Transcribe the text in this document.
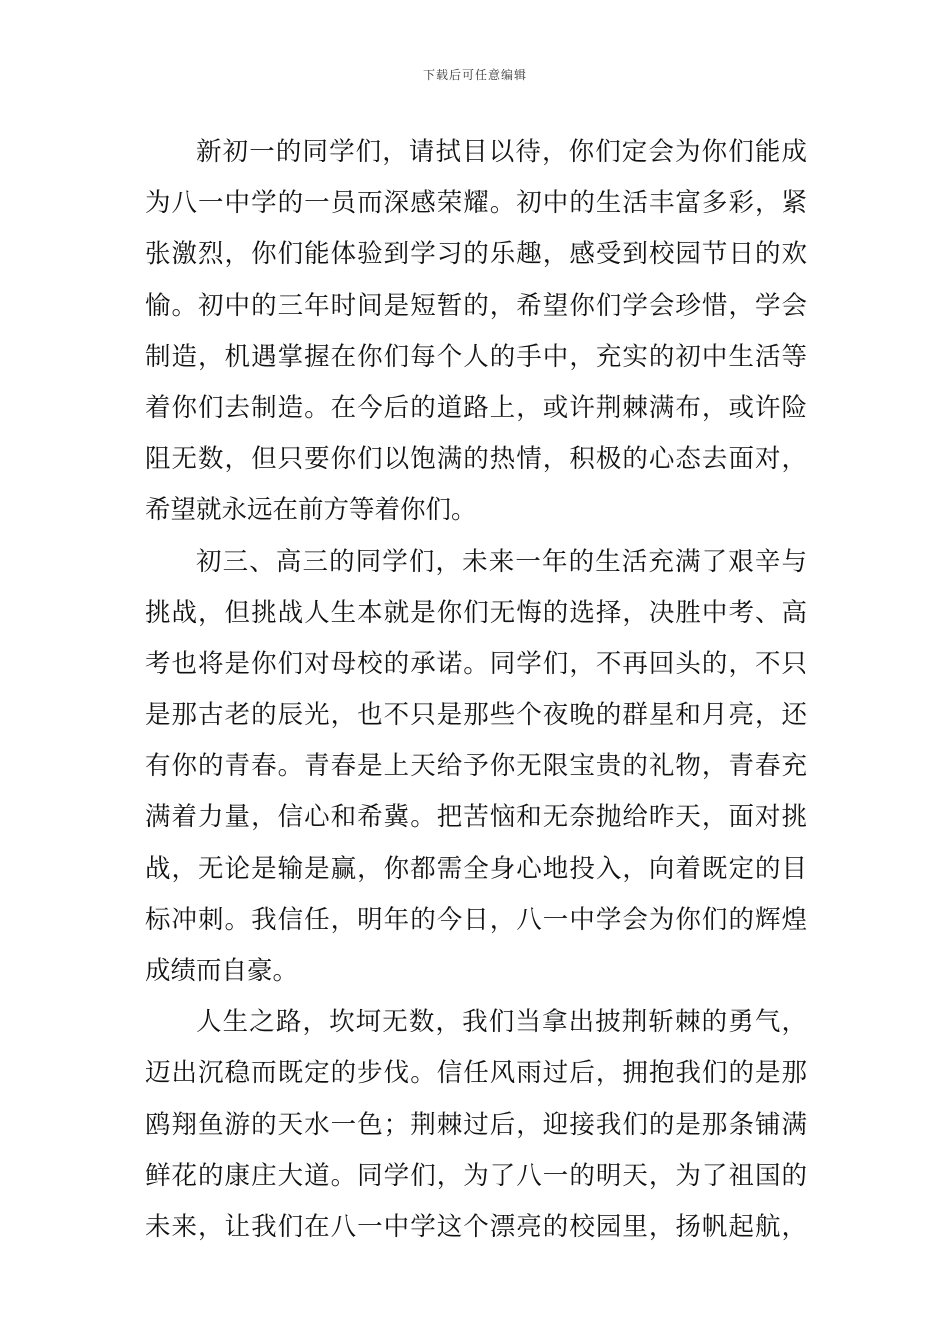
下载后可任意编辑
新初一的同学们，请拭目以待，你们定会为你们能成
为八一中学的一员而深感荣耀。初中的生活丰富多彩，紧
张激烈，你们能体验到学习的乐趣，感受到校园节日的欢
愉。初中的三年时间是短暂的，希望你们学会珍惜，学会
制造，机遇掌握在你们每个人的手中，充实的初中生活等
着你们去制造。在今后的道路上，或许荆棘满布，或许险
阻无数，但只要你们以饱满的热情，积极的心态去面对，
希望就永远在前方等着你们。
初三、高三的同学们，未来一年的生活充满了艰辛与
挑战，但挑战人生本就是你们无悔的选择，决胜中考、高
考也将是你们对母校的承诺。同学们，不再回头的，不只
是那古老的辰光，也不只是那些个夜晚的群星和月亮，还
有你的青春。青春是上天给予你无限宝贵的礼物，青春充
满着力量，信心和希冀。把苦恼和无奈抛给昨天，面对挑
战，无论是输是赢，你都需全身心地投入，向着既定的目
标冲刺。我信任，明年的今日，八一中学会为你们的辉煌
成绩而自豪。
人生之路，坎坷无数，我们当拿出披荆斩棘的勇气，
迈出沉稳而既定的步伐。信任风雨过后，拥抱我们的是那
鸥翔鱼游的天水一色；荆棘过后，迎接我们的是那条铺满
鲜花的康庄大道。同学们，为了八一的明天，为了祖国的
未来，让我们在八一中学这个漂亮的校园里，扬帆起航，
